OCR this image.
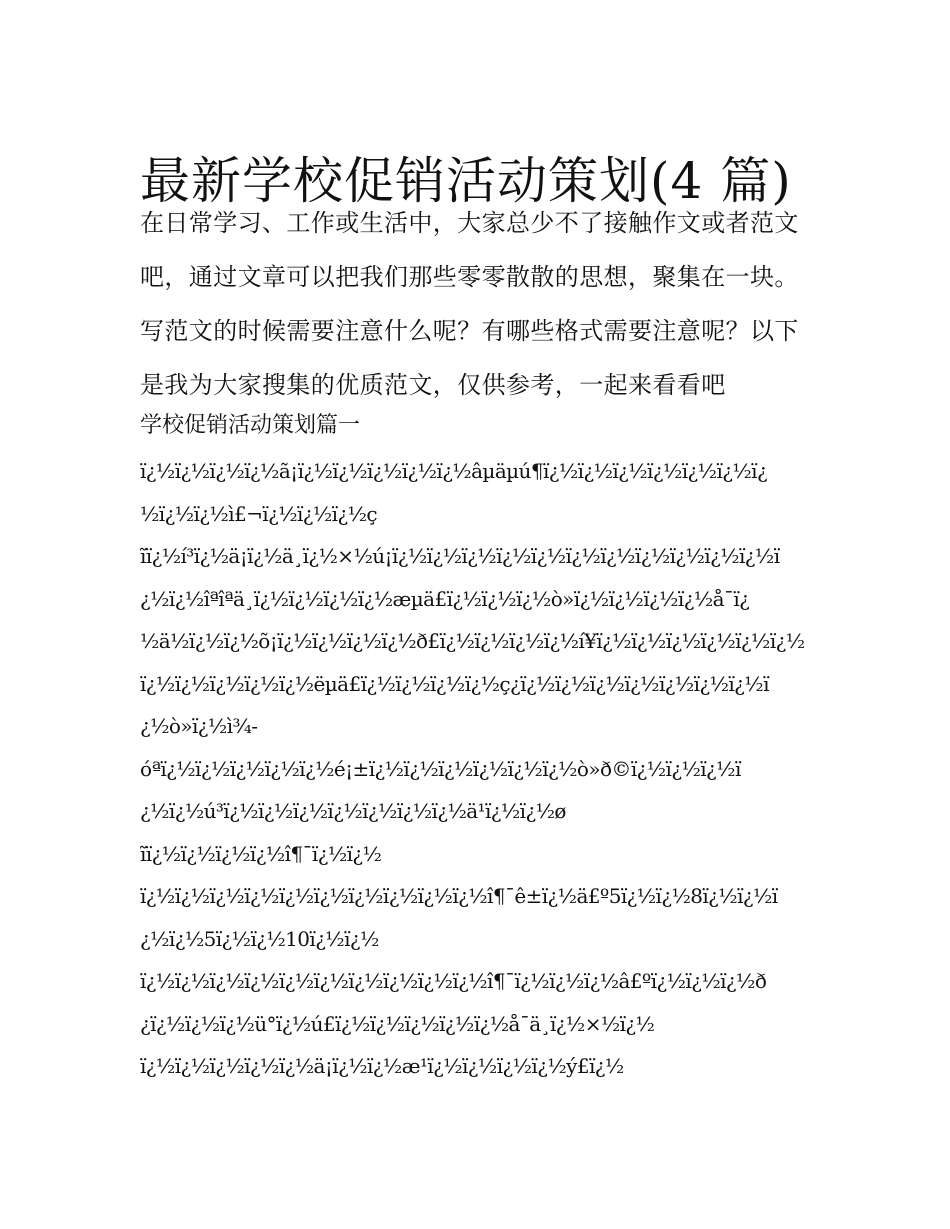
最新学校促销活动策划(4 篇)
在日常学习、工作或生活中，大家总少不了接触作文或者范文
吧，通过文章可以把我们那些零零散散的思想，聚集在一块。
写范文的时候需要注意什么呢？有哪些格式需要注意呢？以下
是我为大家搜集的优质范文，仅供参考，一起来看看吧
学校促销活动策划篇一
ï¿½ï¿½ï¿½ï¿½ã¡ï¿½ï¿½ï¿½ï¿½ï¿½âµäµú¶ï¿½ï¿½ï¿½ï¿½ï¿½ï¿½ï¿
½ï¿½ï¿½ì£¬ï¿½ï¿½ï¿½ç
ĩï¿½í³ï¿½ä¡ï¿½ä¸ï¿½×½ú¡ï¿½ï¿½ï¿½ï¿½ï¿½ï¿½ï¿½ï¿½ï¿½ï¿½ï¿½ï
¿½ï¿½îªîªä¸ï¿½ï¿½ï¿½ï¿½æµä£ï¿½ï¿½ï¿½ò»ï¿½ï¿½ï¿½ï¿½å¯ï¿
½ä½ï¿½ï¿½õ¡ï¿½ï¿½ï¿½ï¿½ð£ï¿½ï¿½ï¿½ï¿½í¥ï¿½ï¿½ï¿½ï¿½ï¿½ï¿½
ï¿½ï¿½ï¿½ï¿½ï¿½ëµä£ï¿½ï¿½ï¿½ï¿½ç¿ï¿½ï¿½ï¿½ï¿½ï¿½ï¿½ï¿½ï
¿½ò»ï¿½ì¾-
óªï¿½ï¿½ï¿½ï¿½ï¿½é¡±ï¿½ï¿½ï¿½ï¿½ï¿½ï¿½ò»ð©ï¿½ï¿½ï¿½ï
¿½ï¿½ú³ï¿½ï¿½ï¿½ï¿½ï¿½ï¿½ï¿½ä¹ï¿½ï¿½ø
ĩï¿½ï¿½ï¿½ï¿½î¶¯ï¿½ï¿½
ï¿½ï¿½ï¿½ï¿½ï¿½ï¿½ï¿½ï¿½ï¿½ï¿½î¶¯ê±ï¿½ä£º5ï¿½ï¿½8ï¿½ï¿½ï
¿½ï¿½5ï¿½ï¿½10ï¿½ï¿½
ï¿½ï¿½ï¿½ï¿½ï¿½ï¿½ï¿½ï¿½ï¿½ï¿½î¶¯ï¿½ï¿½ï¿½â£ºï¿½ï¿½ï¿½ð
¿ï¿½ï¿½ï¿½ü°ï¿½ú£ï¿½ï¿½ï¿½ï¿½ï¿½å¯ä¸ï¿½×½ï¿½
ï¿½ï¿½ï¿½ï¿½ï¿½ä¡ï¿½ï¿½æ¹ï¿½ï¿½ï¿½ï¿½ý£ï¿½
